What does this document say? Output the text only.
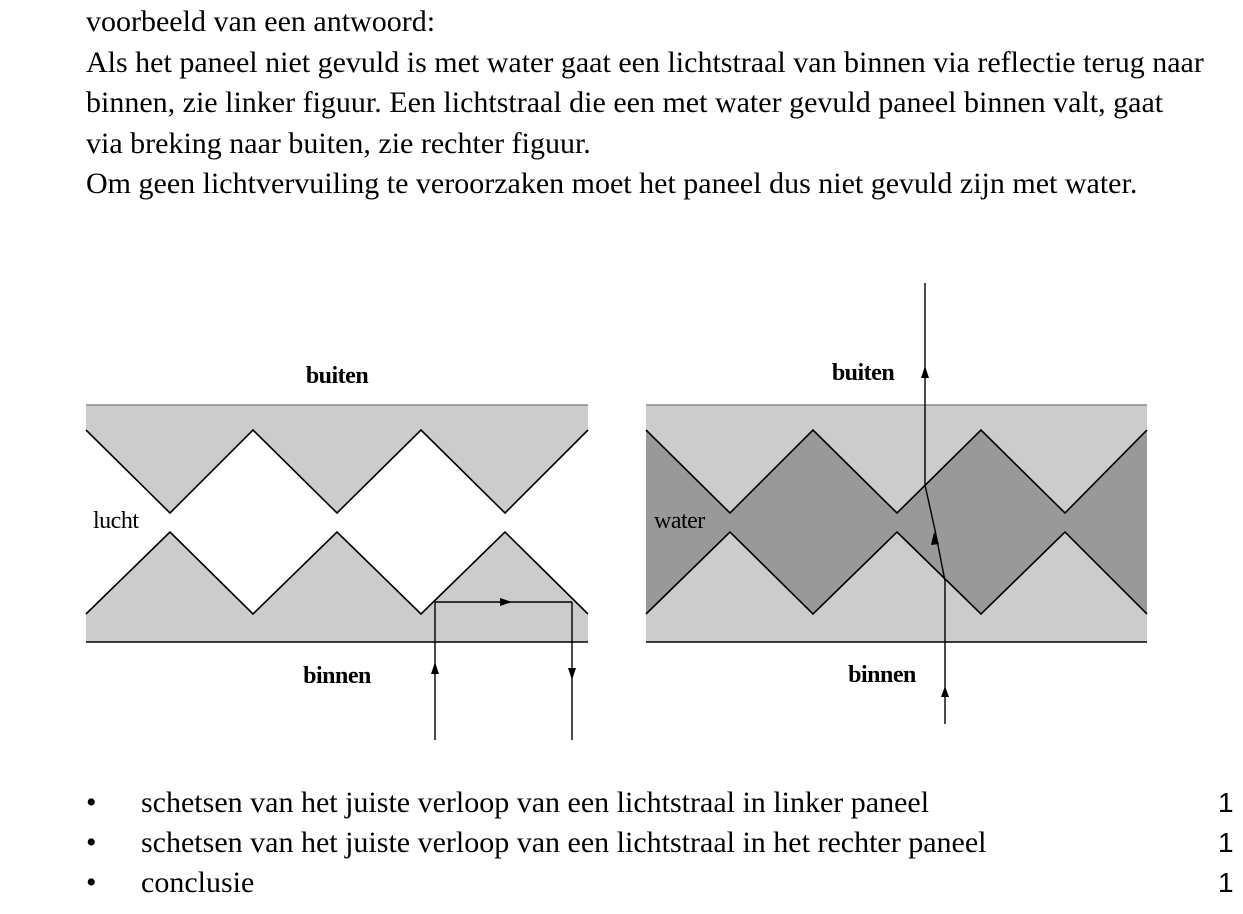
voorbeeld van een antwoord:

Als het paneel niet gevuld is met water gaat een lichtstraal van binnen via reflectie terug naar binnen, zie linker figuur. Een lichtstraal die een met water gevuld paneel binnen valt, gaat via breking naar buiten, zie rechter figuur.

Om geen lichtvervuiling te veroorzaken moet het paneel dus niet gevuld zijn met water.

buiten
lucht
binnen
buiten
water
binnen
• schetsen van het juiste verloop van een lichtstraal in linker paneel	1
• schetsen van het juiste verloop van een lichtstraal in het rechter paneel	1
• conclusie	1
